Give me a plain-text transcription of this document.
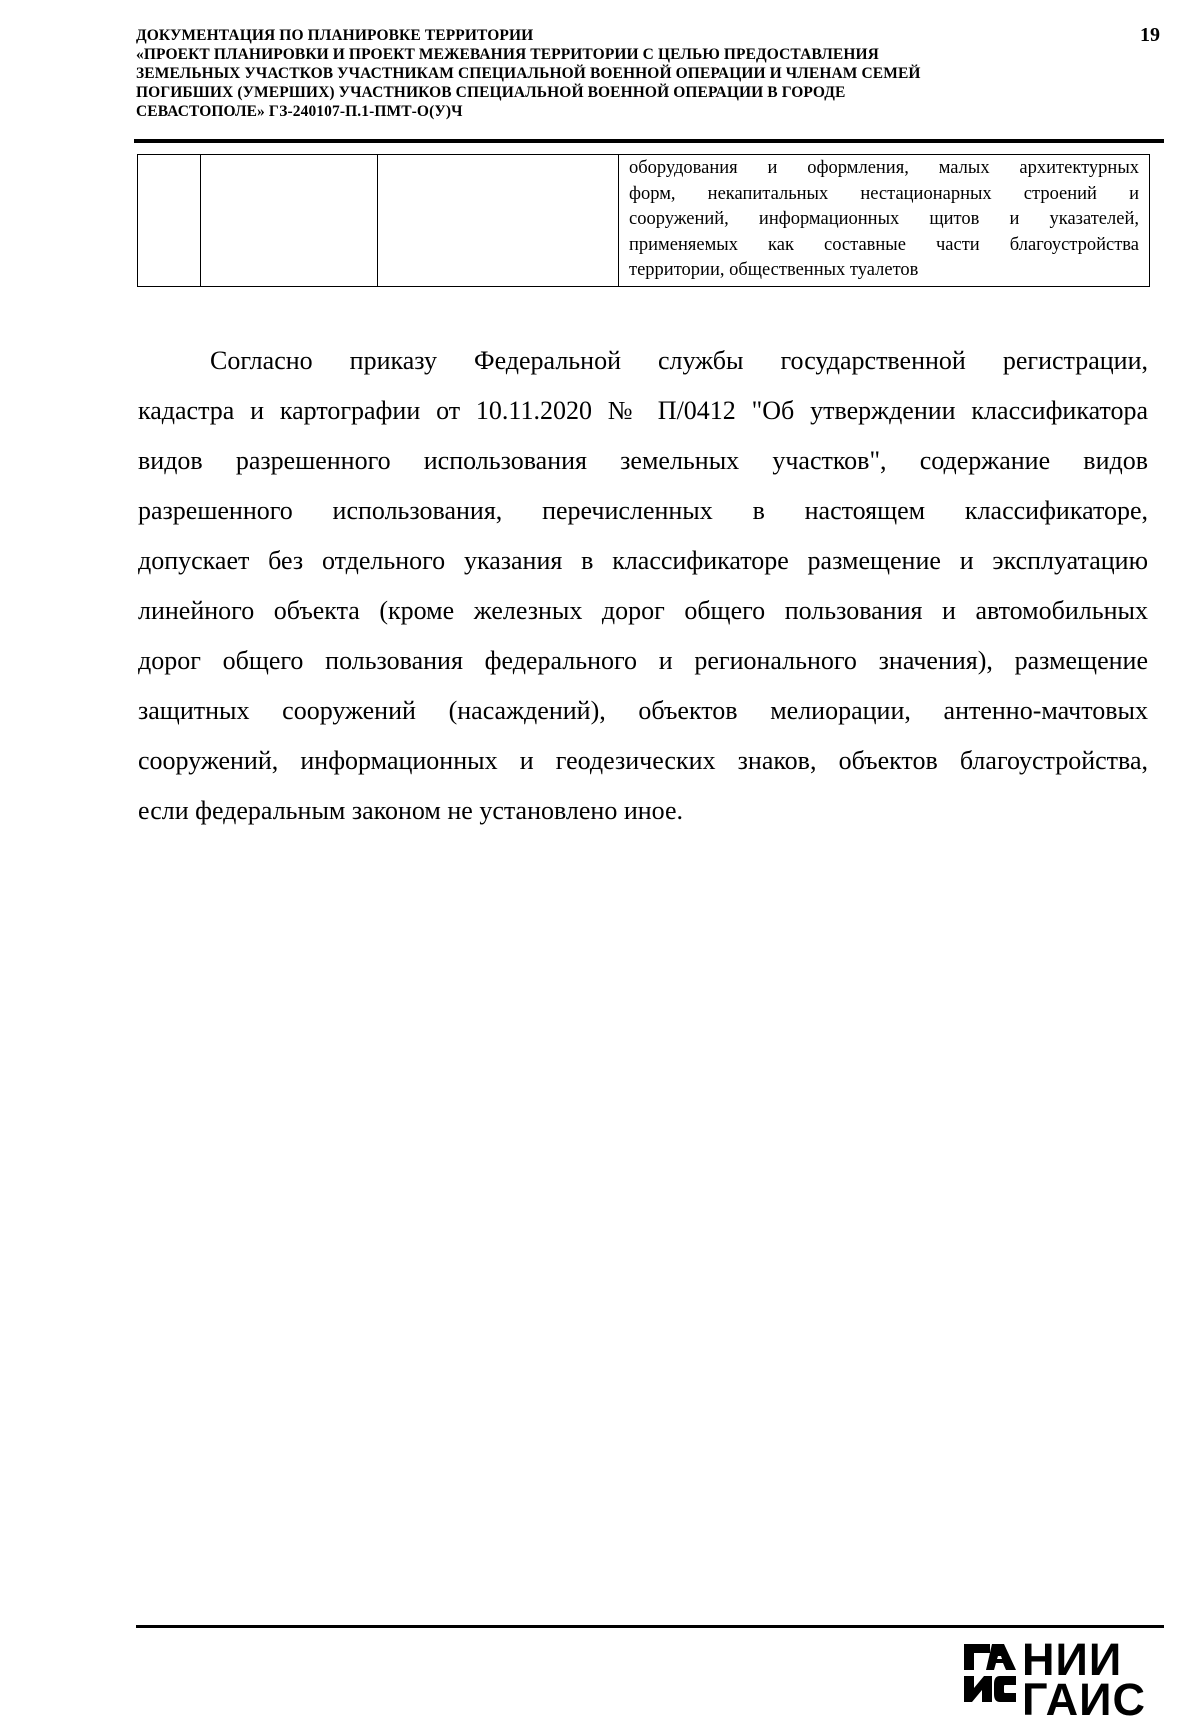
ДОКУМЕНТАЦИЯ ПО ПЛАНИРОВКЕ ТЕРРИТОРИИ
«ПРОЕКТ ПЛАНИРОВКИ И ПРОЕКТ МЕЖЕВАНИЯ ТЕРРИТОРИИ С ЦЕЛЬЮ ПРЕДОСТАВЛЕНИЯ
ЗЕМЕЛЬНЫХ УЧАСТКОВ УЧАСТНИКАМ СПЕЦИАЛЬНОЙ ВОЕННОЙ ОПЕРАЦИИ И ЧЛЕНАМ СЕМЕЙ
ПОГИБШИХ (УМЕРШИХ) УЧАСТНИКОВ СПЕЦИАЛЬНОЙ ВОЕННОЙ ОПЕРАЦИИ В ГОРОДЕ
СЕВАСТОПОЛЕ» ГЗ-240107-П.1-ПМТ-О(У)Ч
19

оборудования и оформления, малых архитектурных
форм, некапитальных нестационарных строений и
сооружений, информационных щитов и указателей,
применяемых как составные части благоустройства
территории, общественных туалетов
Согласно приказу Федеральной службы государственной регистрации,
кадастра и картографии от 10.11.2020 № П/0412 "Об утверждении классификатора
видов разрешенного использования земельных участков", содержание видов
разрешенного использования, перечисленных в настоящем классификаторе,
допускает без отдельного указания в классификаторе размещение и эксплуатацию
линейного объекта (кроме железных дорог общего пользования и автомобильных
дорог общего пользования федерального и регионального значения), размещение
защитных сооружений (насаждений), объектов мелиорации, антенно-мачтовых
сооружений, информационных и геодезических знаков, объектов благоустройства,
если федеральным законом не установлено иное.
НИИ
ГАИС
